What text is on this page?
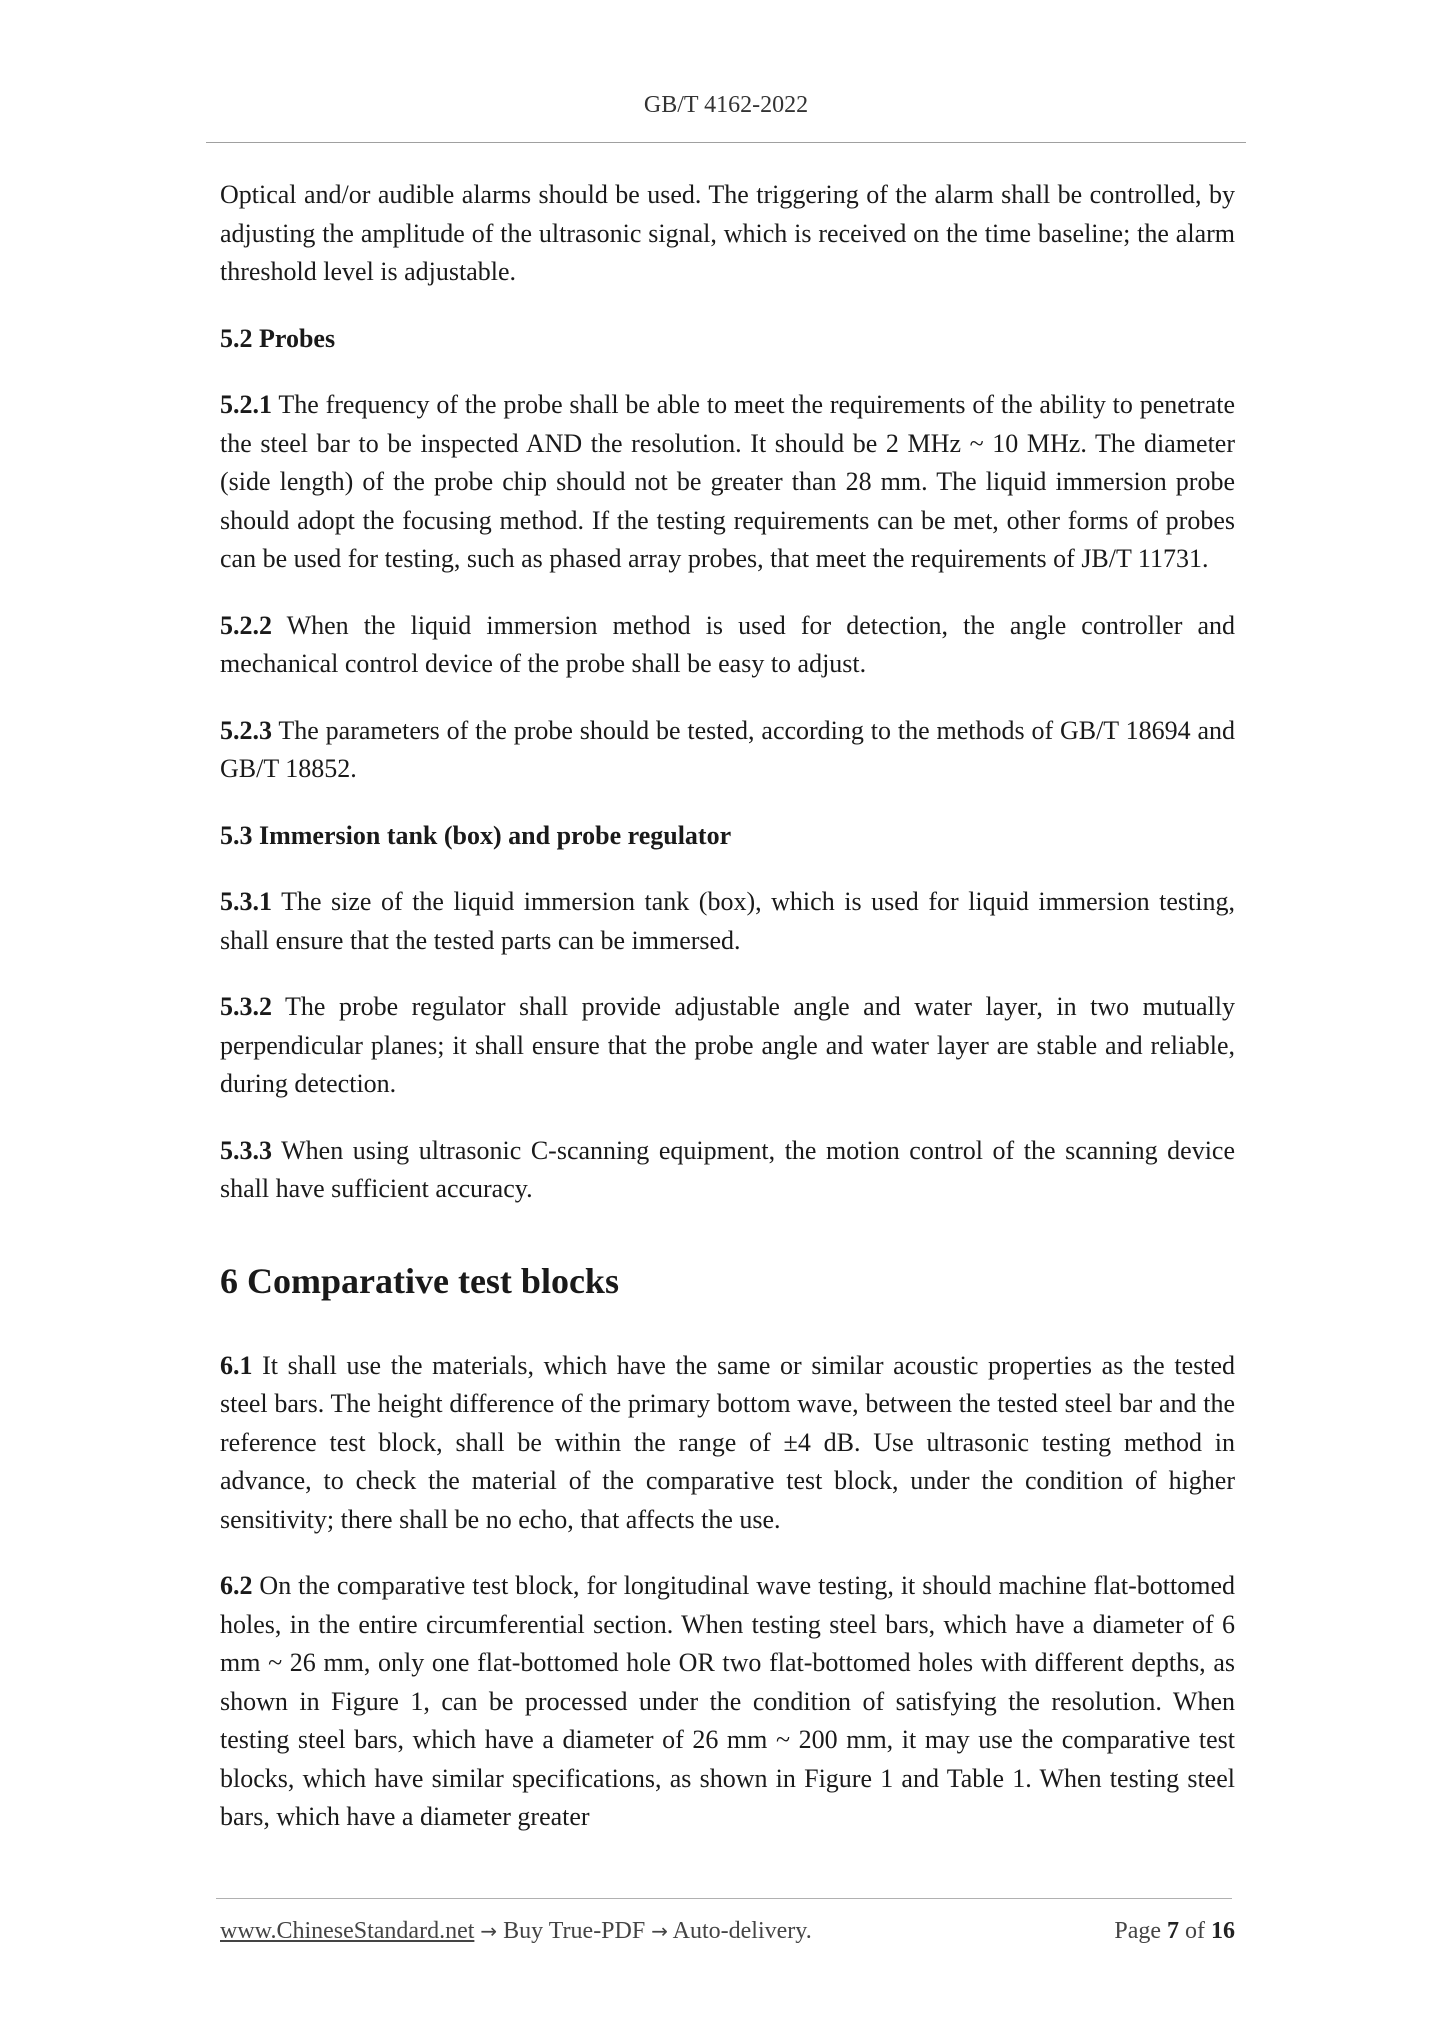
GB/T 4162-2022

Optical and/or audible alarms should be used. The triggering of the alarm shall be controlled, by adjusting the amplitude of the ultrasonic signal, which is received on the time baseline; the alarm threshold level is adjustable.

5.2 Probes

5.2.1 The frequency of the probe shall be able to meet the requirements of the ability to penetrate the steel bar to be inspected AND the resolution. It should be 2 MHz ~ 10 MHz. The diameter (side length) of the probe chip should not be greater than 28 mm. The liquid immersion probe should adopt the focusing method. If the testing requirements can be met, other forms of probes can be used for testing, such as phased array probes, that meet the requirements of JB/T 11731.

5.2.2 When the liquid immersion method is used for detection, the angle controller and mechanical control device of the probe shall be easy to adjust.

5.2.3 The parameters of the probe should be tested, according to the methods of GB/T 18694 and GB/T 18852.

5.3 Immersion tank (box) and probe regulator

5.3.1 The size of the liquid immersion tank (box), which is used for liquid immersion testing, shall ensure that the tested parts can be immersed.

5.3.2 The probe regulator shall provide adjustable angle and water layer, in two mutually perpendicular planes; it shall ensure that the probe angle and water layer are stable and reliable, during detection.

5.3.3 When using ultrasonic C-scanning equipment, the motion control of the scanning device shall have sufficient accuracy.

6 Comparative test blocks

6.1 It shall use the materials, which have the same or similar acoustic properties as the tested steel bars. The height difference of the primary bottom wave, between the tested steel bar and the reference test block, shall be within the range of ±4 dB. Use ultrasonic testing method in advance, to check the material of the comparative test block, under the condition of higher sensitivity; there shall be no echo, that affects the use.

6.2 On the comparative test block, for longitudinal wave testing, it should machine flat-bottomed holes, in the entire circumferential section. When testing steel bars, which have a diameter of 6 mm ~ 26 mm, only one flat-bottomed hole OR two flat-bottomed holes with different depths, as shown in Figure 1, can be processed under the condition of satisfying the resolution. When testing steel bars, which have a diameter of 26 mm ~ 200 mm, it may use the comparative test blocks, which have similar specifications, as shown in Figure 1 and Table 1. When testing steel bars, which have a diameter greater

www.ChineseStandard.net → Buy True-PDF → Auto-delivery.	Page 7 of 16
